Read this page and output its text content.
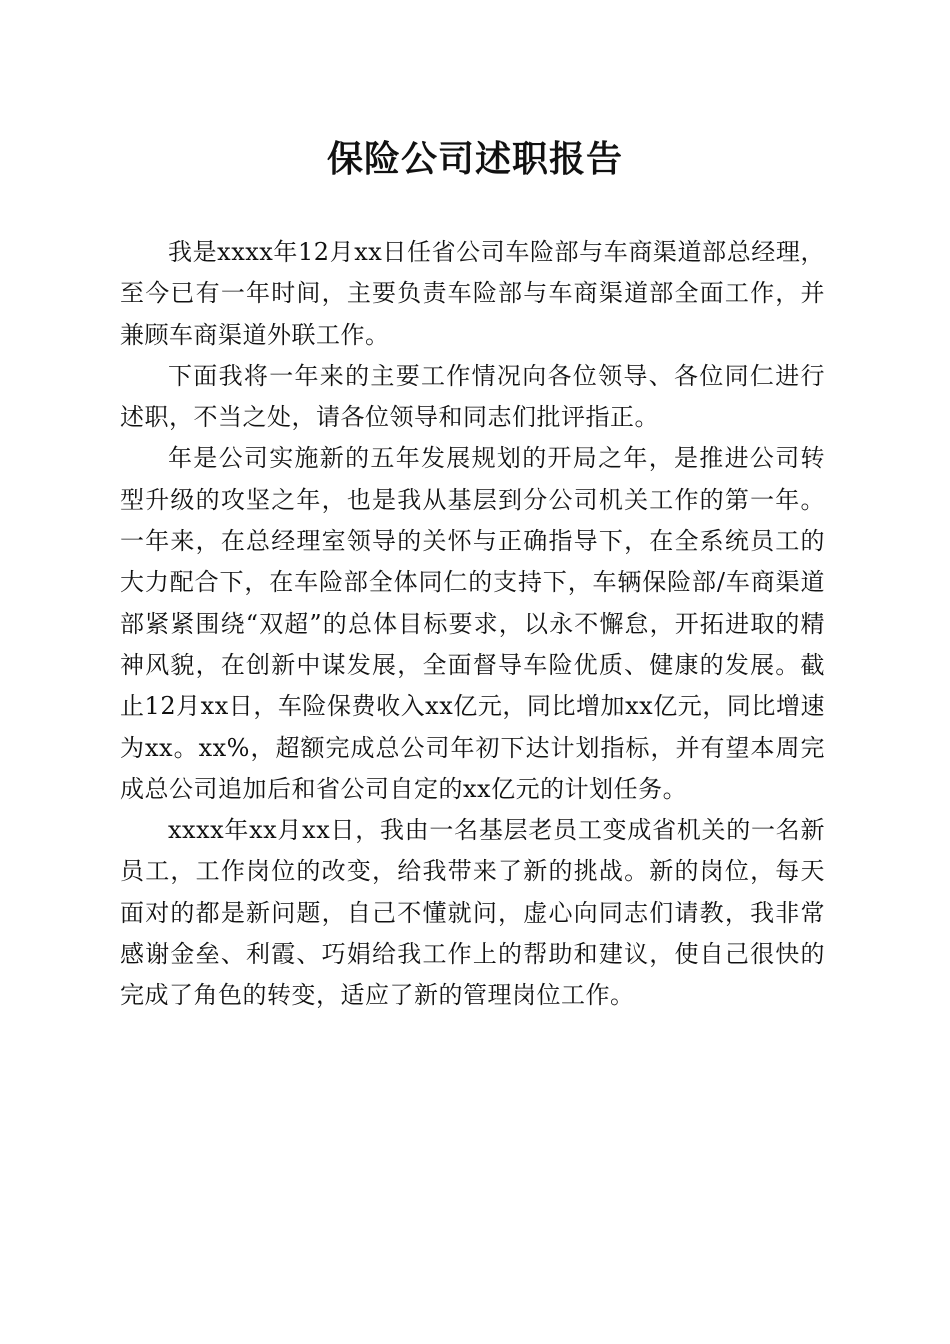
保险公司述职报告

我是xxxx年12月xx日任省公司车险部与车商渠道部总经理，至今已有一年时间，主要负责车险部与车商渠道部全面工作，并兼顾车商渠道外联工作。

下面我将一年来的主要工作情况向各位领导、各位同仁进行述职，不当之处，请各位领导和同志们批评指正。

年是公司实施新的五年发展规划的开局之年，是推进公司转型升级的攻坚之年，也是我从基层到分公司机关工作的第一年。一年来，在总经理室领导的关怀与正确指导下，在全系统员工的大力配合下，在车险部全体同仁的支持下，车辆保险部/车商渠道部紧紧围绕“双超”的总体目标要求，以永不懈怠，开拓进取的精神风貌，在创新中谋发展，全面督导车险优质、健康的发展。截止12月xx日，车险保费收入xx亿元，同比增加xx亿元，同比增速为xx。xx%，超额完成总公司年初下达计划指标，并有望本周完成总公司追加后和省公司自定的xx亿元的计划任务。

xxxx年xx月xx日，我由一名基层老员工变成省机关的一名新员工，工作岗位的改变，给我带来了新的挑战。新的岗位，每天面对的都是新问题，自己不懂就问，虚心向同志们请教，我非常感谢金垒、利霞、巧娟给我工作上的帮助和建议，使自己很快的完成了角色的转变，适应了新的管理岗位工作。
